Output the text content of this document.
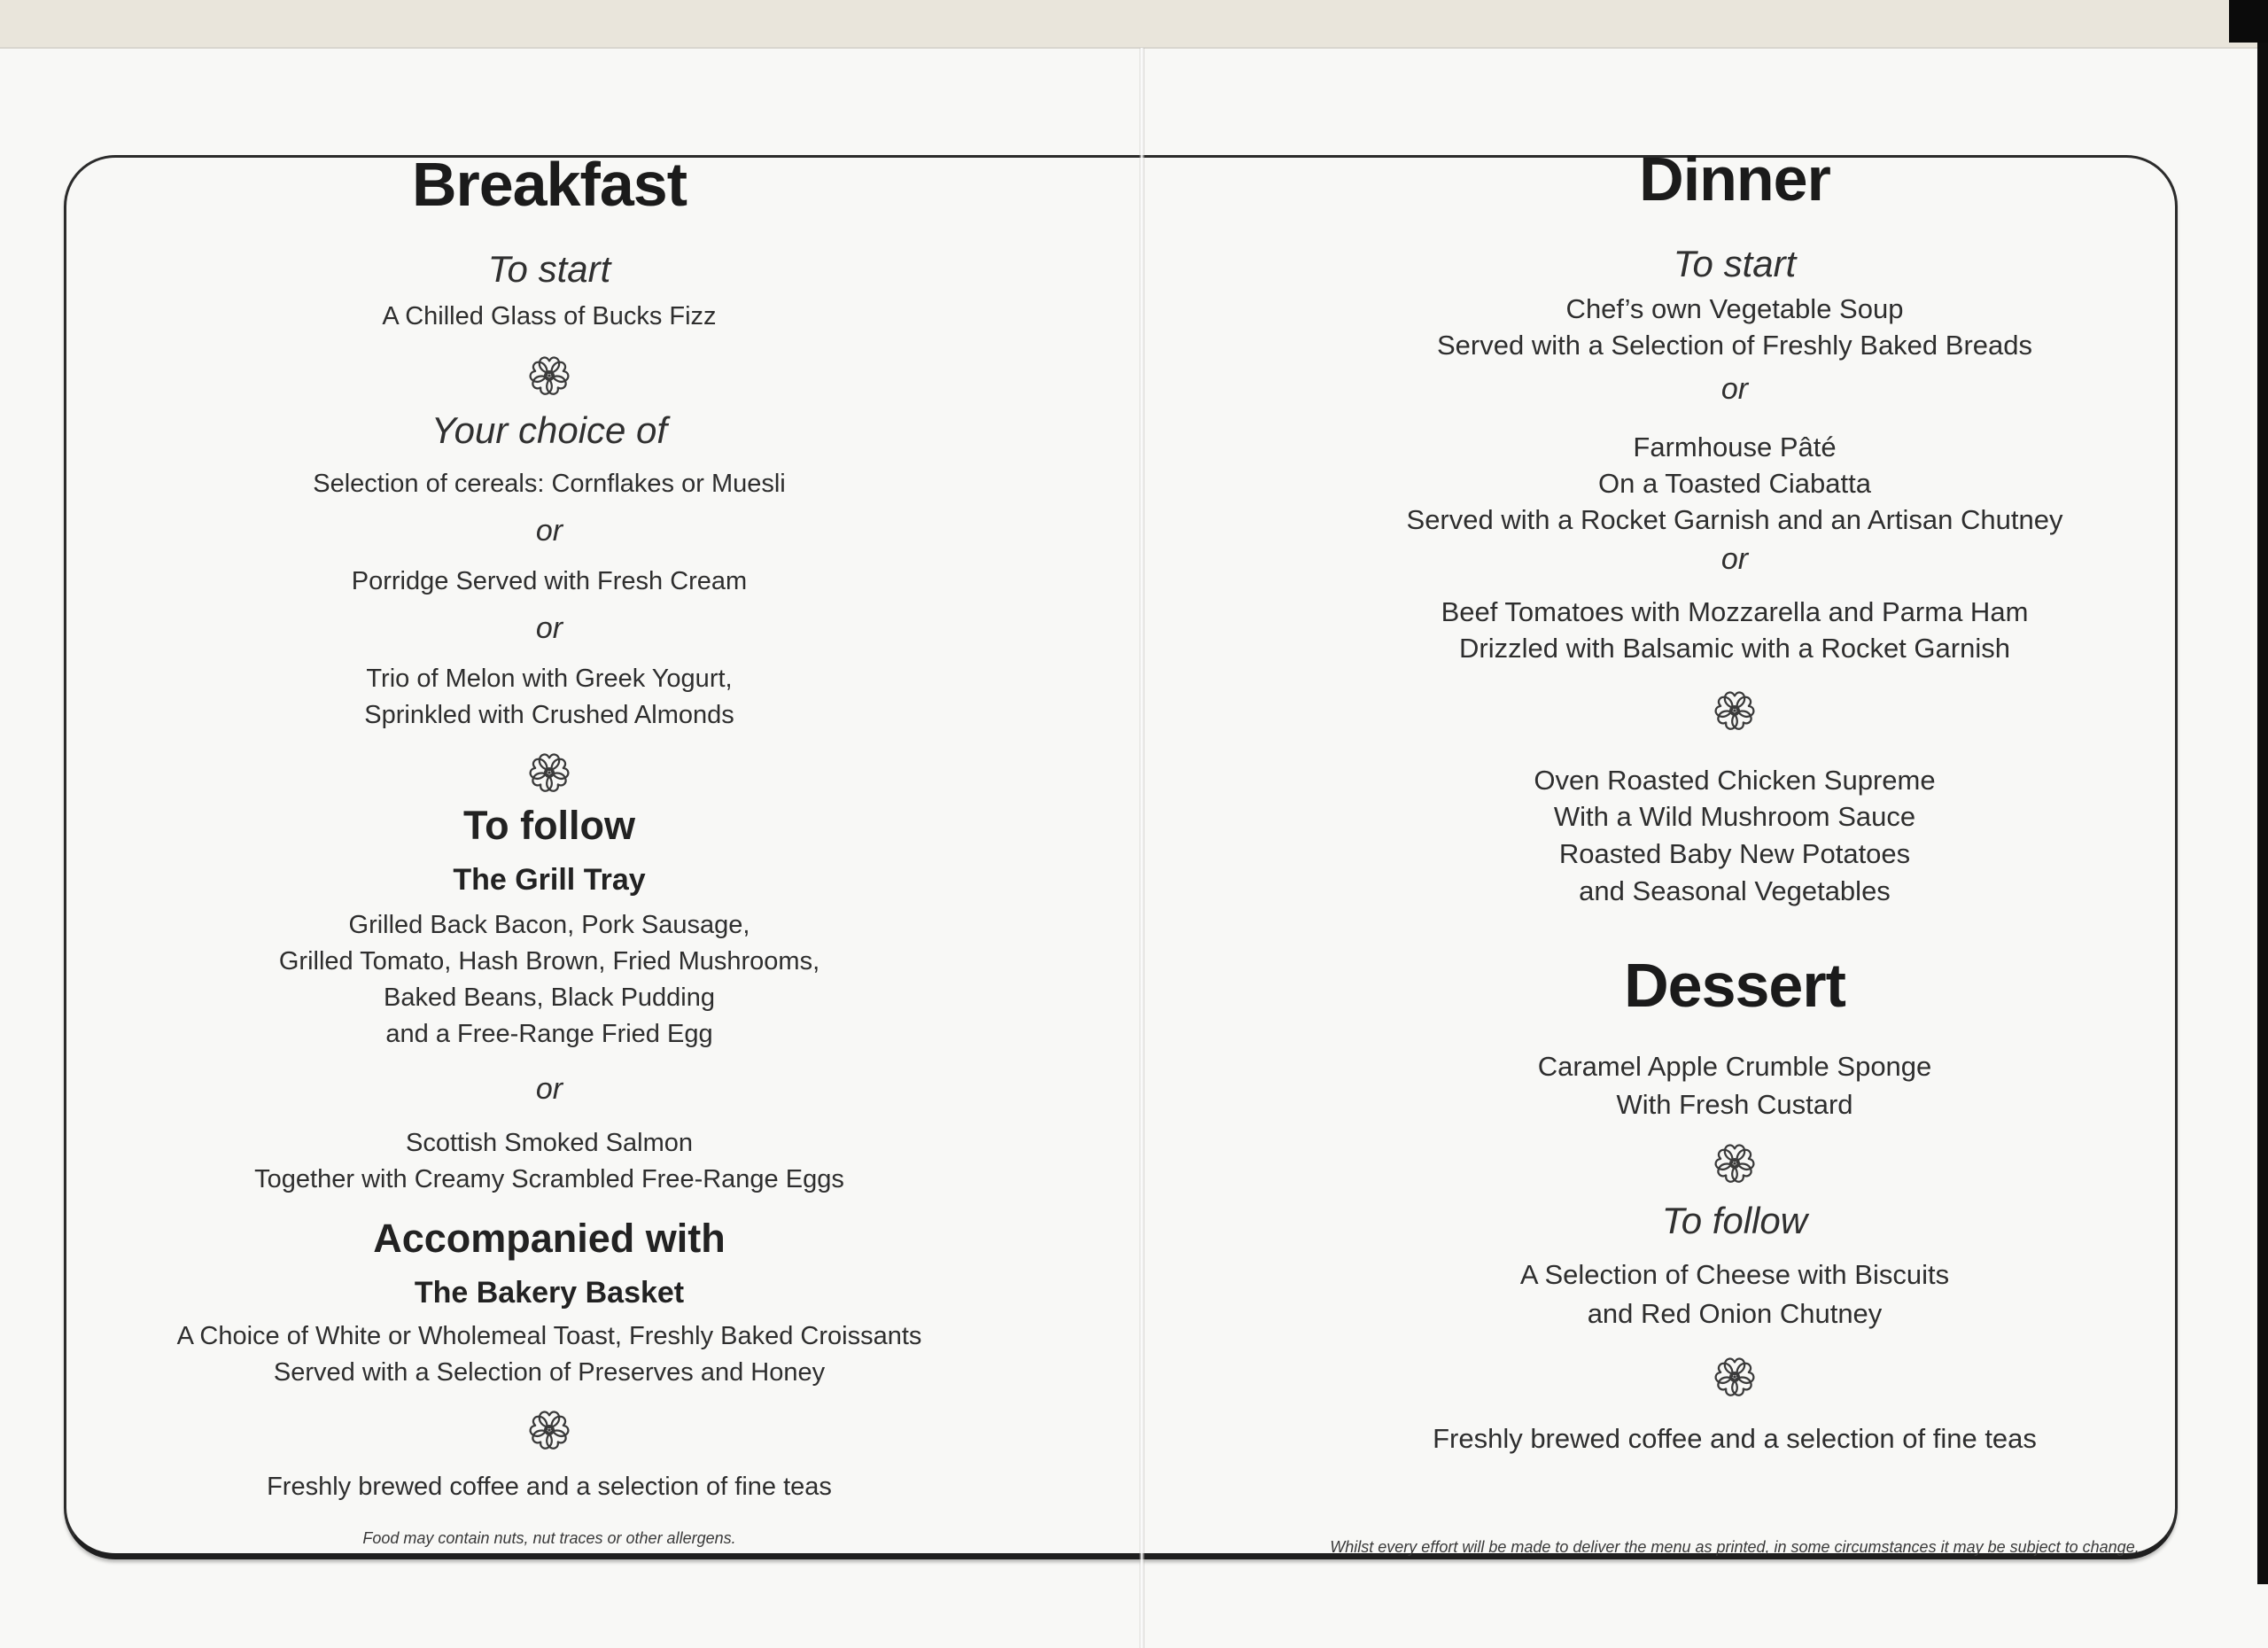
Breakfast
To start
A Chilled Glass of Bucks Fizz
Your choice of
Selection of cereals: Cornflakes or Muesli
or
Porridge Served with Fresh Cream
or
Trio of Melon with Greek Yogurt,
Sprinkled with Crushed Almonds
To follow
The Grill Tray
Grilled Back Bacon, Pork Sausage,
Grilled Tomato, Hash Brown, Fried Mushrooms,
Baked Beans, Black Pudding
and a Free-Range Fried Egg
or
Scottish Smoked Salmon
Together with Creamy Scrambled Free-Range Eggs
Accompanied with
The Bakery Basket
A Choice of White or Wholemeal Toast, Freshly Baked Croissants
Served with a Selection of Preserves and Honey
Freshly brewed coffee and a selection of fine teas
Food may contain nuts, nut traces or other allergens.
Dinner
To start
Chef’s own Vegetable Soup
Served with a Selection of Freshly Baked Breads
or
Farmhouse Pâté
On a Toasted Ciabatta
Served with a Rocket Garnish and an Artisan Chutney
or
Beef Tomatoes with Mozzarella and Parma Ham
Drizzled with Balsamic with a Rocket Garnish
Oven Roasted Chicken Supreme
With a Wild Mushroom Sauce
Roasted Baby New Potatoes
and Seasonal Vegetables
Dessert
Caramel Apple Crumble Sponge
With Fresh Custard
To follow
A Selection of Cheese with Biscuits
and Red Onion Chutney
Freshly brewed coffee and a selection of fine teas
Whilst every effort will be made to deliver the menu as printed, in some circumstances it may be subject to change.
